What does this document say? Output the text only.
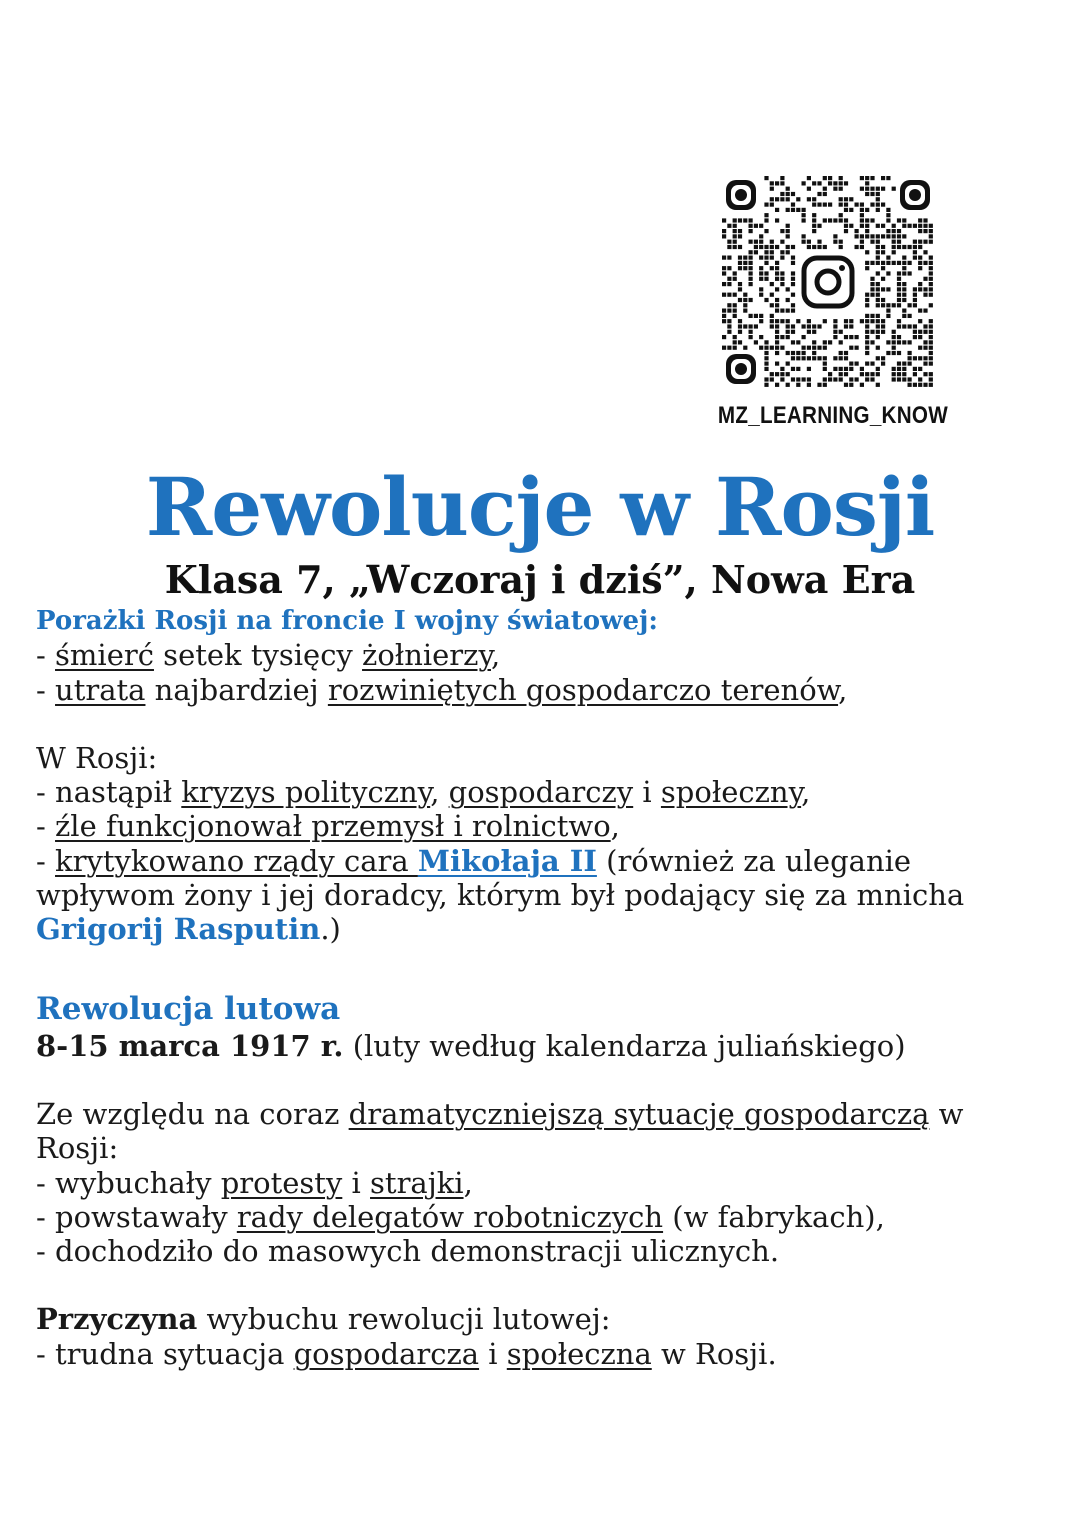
MZ_LEARNING_KNOW
Rewolucje w Rosji
Klasa 7, „Wczoraj i dziś”, Nowa Era

Porażki Rosji na froncie I wojny światowej:

- śmierć setek tysięcy żołnierzy,

- utrata najbardziej rozwiniętych gospodarczo terenów,

W Rosji:

- nastąpił kryzys polityczny, gospodarczy i społeczny,

- źle funkcjonował przemysł i rolnictwo,

- krytykowano rządy cara Mikołaja II (również za uleganie wpływom żony i jej doradcy, którym był podający się za mnicha Grigorij Rasputin.)

Rewolucja lutowa

8-15 marca 1917 r. (luty według kalendarza juliańskiego)

Ze względu na coraz dramatyczniejszą sytuację gospodarczą w Rosji:

- wybuchały protesty i strajki,

- powstawały rady delegatów robotniczych (w fabrykach),

- dochodziło do masowych demonstracji ulicznych.

Przyczyna wybuchu rewolucji lutowej:

- trudna sytuacja gospodarcza i społeczna w Rosji.
